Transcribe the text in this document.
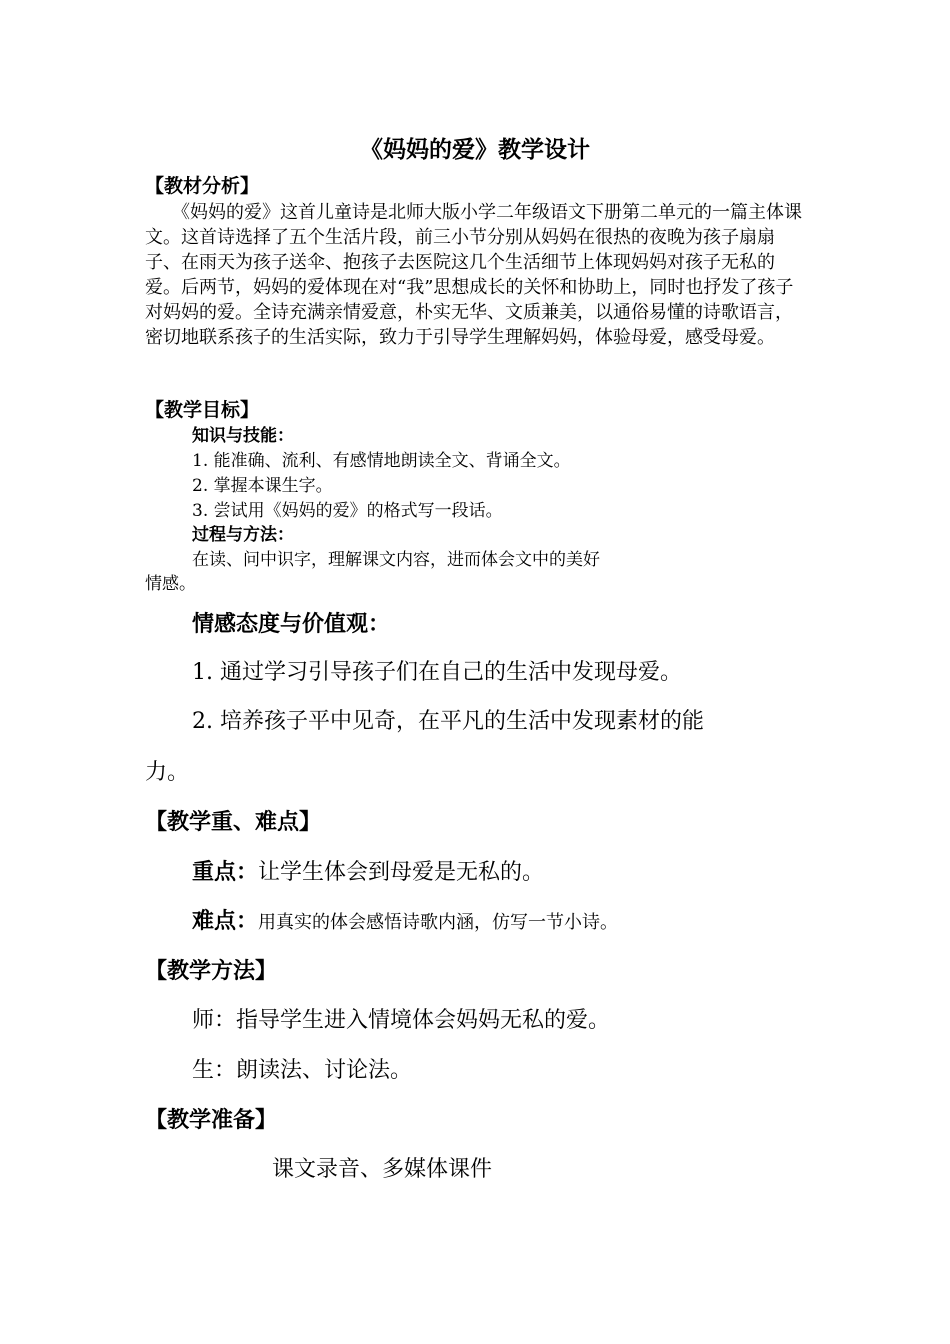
《妈妈的爱》教学设计
【教材分析】

　　《妈妈的爱》这首儿童诗是北师大版小学二年级语文下册第二单元的一篇主体课文。这首诗选择了五个生活片段，前三小节分别从妈妈在很热的夜晚为孩子扇扇子、在雨天为孩子送伞、抱孩子去医院这几个生活细节上体现妈妈对孩子无私的爱。后两节，妈妈的爱体现在对“我”思想成长的关怀和协助上，同时也抒发了孩子对妈妈的爱。全诗充满亲情爱意，朴实无华、文质兼美，以通俗易懂的诗歌语言，密切地联系孩子的生活实际，致力于引导学生理解妈妈，体验母爱，感受母爱。

【教学目标】
知识与技能：
1. 能准确、流利、有感情地朗读全文、背诵全文。
2. 掌握本课生字。
3. 尝试用《妈妈的爱》的格式写一段话。
过程与方法：
在读、问中识字，理解课文内容，进而体会文中的美好
情感。
情感态度与价值观：
1. 通过学习引导孩子们在自己的生活中发现母爱。
2. 培养孩子平中见奇，在平凡的生活中发现素材的能
力。
【教学重、难点】
重点：让学生体会到母爱是无私的。
难点：用真实的体会感悟诗歌内涵，仿写一节小诗。
【教学方法】
师：指导学生进入情境体会妈妈无私的爱。
生：朗读法、讨论法。
【教学准备】
课文录音、多媒体课件
